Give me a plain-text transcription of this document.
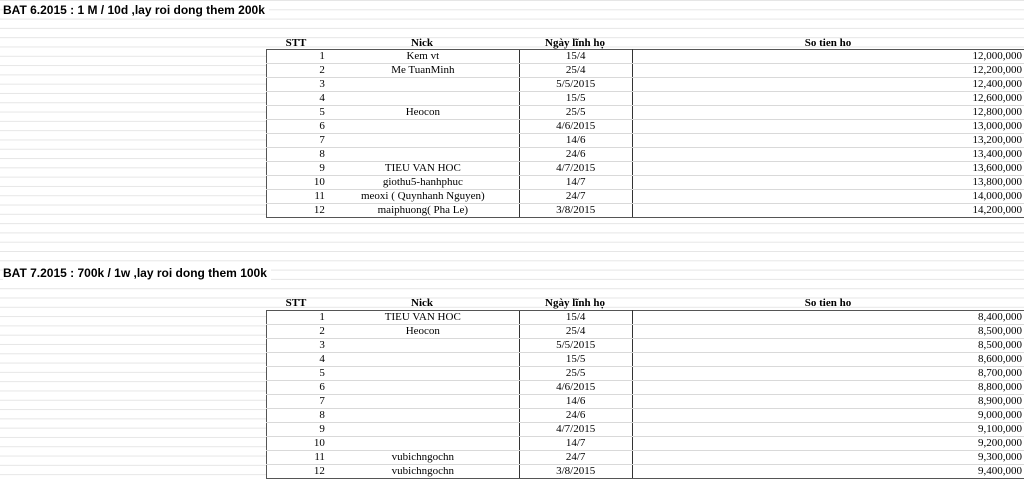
BAT 6.2015 : 1 M / 10d ,lay roi dong them 200k
STT	Nick	Ngày lĩnh họ	So tien ho
1	Kem vt	15/4	12,000,000
2	Me TuanMinh	25/4	12,200,000
3		5/5/2015	12,400,000
4		15/5	12,600,000
5	Heocon	25/5	12,800,000
6		4/6/2015	13,000,000
7		14/6	13,200,000
8		24/6	13,400,000
9	TIEU VAN HOC	4/7/2015	13,600,000
10	giothu5-hanhphuc	14/7	13,800,000
11	meoxi ( Quynhanh Nguyen)	24/7	14,000,000
12	maiphuong( Pha Le)	3/8/2015	14,200,000
BAT 7.2015 : 700k / 1w ,lay roi dong them 100k
STT	Nick	Ngày lĩnh họ	So tien ho
1	TIEU VAN HOC	15/4	8,400,000
2	Heocon	25/4	8,500,000
3		5/5/2015	8,500,000
4		15/5	8,600,000
5		25/5	8,700,000
6		4/6/2015	8,800,000
7		14/6	8,900,000
8		24/6	9,000,000
9		4/7/2015	9,100,000
10		14/7	9,200,000
11	vubichngochn	24/7	9,300,000
12	vubichngochn	3/8/2015	9,400,000
